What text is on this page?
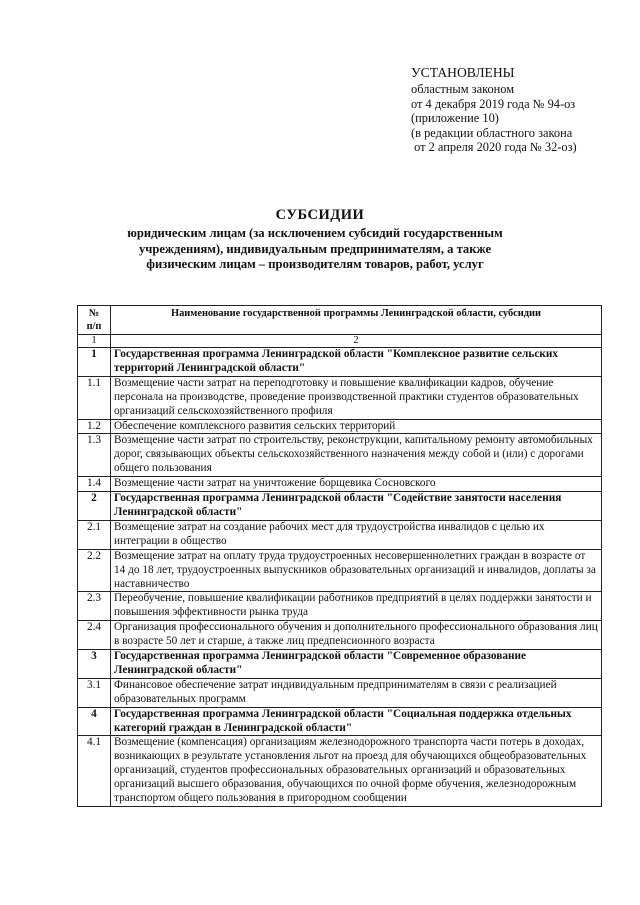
УСТАНОВЛЕНЫ
областным законом
от 4 декабря 2019 года № 94-оз
(приложение 10)
(в редакции областного закона
от 2 апреля 2020 года № 32-оз)
СУБСИДИИ
юридическим лицам (за исключением субсидий государственным
учреждениям), индивидуальным предпринимателям, а также
физическим лицам – производителям товаров, работ, услуг
№
п/п	Наименование государственной программы Ленинградской области, субсидии

1	2
1	Государственная программа Ленинградской области "Комплексное развитие сельских территорий Ленинградской области"
1.1	Возмещение части затрат на переподготовку и повышение квалификации кадров, обучение персонала на производстве, проведение производственной практики студентов образовательных организаций сельскохозяйственного профиля
1.2	Обеспечение комплексного развития сельских территорий
1.3	Возмещение части затрат по строительству, реконструкции, капитальному ремонту автомобильных дорог, связывающих объекты сельскохозяйственного назначения между собой и (или) с дорогами общего пользования
1.4	Возмещение части затрат на уничтожение борщевика Сосновского
2	Государственная программа Ленинградской области "Содействие занятости населения Ленинградской области"
2.1	Возмещение затрат на создание рабочих мест для трудоустройства инвалидов с целью их интеграции в общество
2.2	Возмещение затрат на оплату труда трудоустроенных несовершеннолетних граждан в возрасте от 14 до 18 лет, трудоустроенных выпускников образовательных организаций и инвалидов, доплаты за наставничество
2.3	Переобучение, повышение квалификации работников предприятий в целях поддержки занятости и повышения эффективности рынка труда
2.4	Организация профессионального обучения и дополнительного профессионального образования лиц в возрасте 50 лет и старше, а также лиц предпенсионного возраста
3	Государственная программа Ленинградской области "Современное образование Ленинградской области"
3.1	Финансовое обеспечение затрат индивидуальным предпринимателям в связи с реализацией образовательных программ
4	Государственная программа Ленинградской области "Социальная поддержка отдельных категорий граждан в Ленинградской области"
4.1	Возмещение (компенсация) организациям железнодорожного транспорта части потерь в доходах, возникающих в результате установления льгот на проезд для обучающихся общеобразовательных организаций, студентов профессиональных образовательных организаций и образовательных организаций высшего образования, обучающихся по очной форме обучения, железнодорожным транспортом общего пользования в пригородном сообщении
